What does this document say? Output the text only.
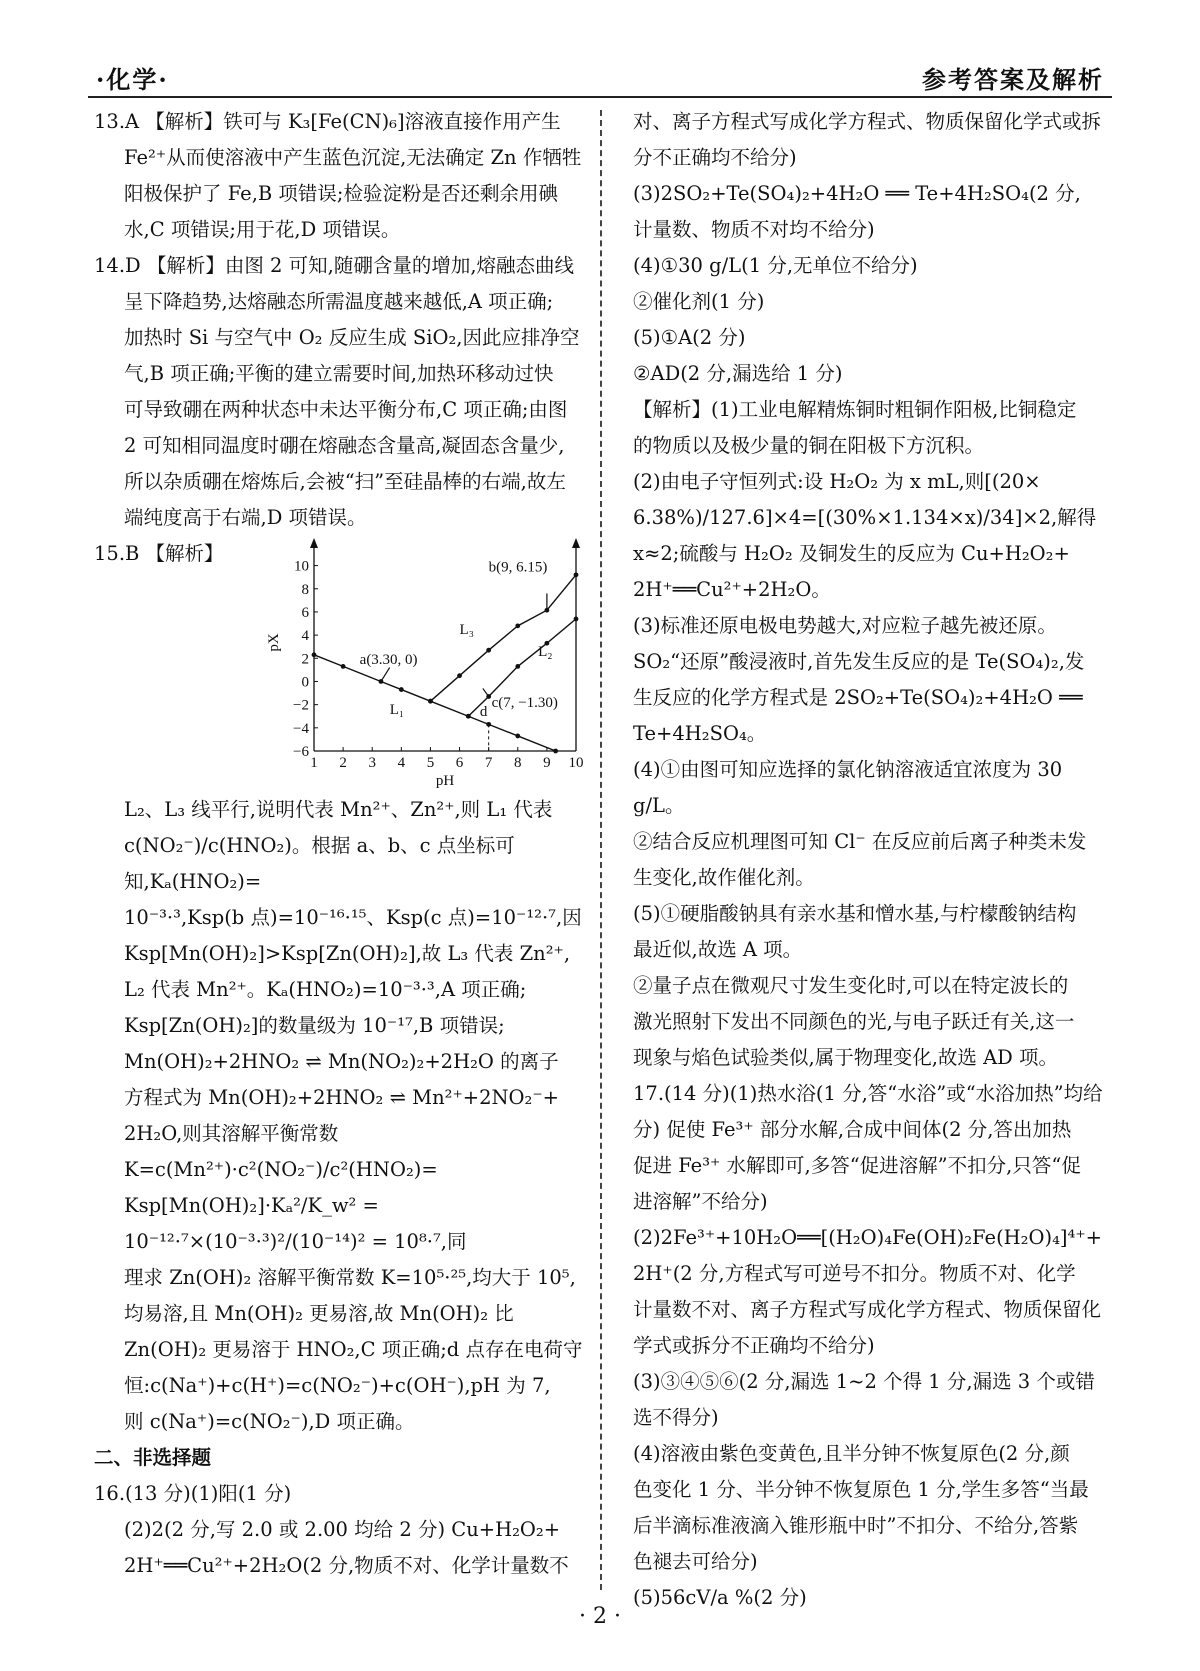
·化学·	参考答案及解析

13.A 【解析】铁可与 K₃[Fe(CN)₆]溶液直接作用产生

Fe²⁺从而使溶液中产生蓝色沉淀,无法确定 Zn 作牺牲

阳极保护了 Fe,B 项错误;检验淀粉是否还剩余用碘

水,C 项错误;用于花,D 项错误。

14.D 【解析】由图 2 可知,随硼含量的增加,熔融态曲线

呈下降趋势,达熔融态所需温度越来越低,A 项正确;

加热时 Si 与空气中 O₂ 反应生成 SiO₂,因此应排净空

气,B 项正确;平衡的建立需要时间,加热环移动过快

可导致硼在两种状态中未达平衡分布,C 项正确;由图

2 可知相同温度时硼在熔融态含量高,凝固态含量少,

所以杂质硼在熔炼后,会被“扫”至硅晶棒的右端,故左

端纯度高于右端,D 项错误。

15.B 【解析】
1 2 3 4 5 6 7 8 9 10
−6
−4
−2
0
2
4
6
8
10
pH
pX
a(3.30, 0)
b(9, 6.15)
c(7, −1.30)
d
L₁
L₂
L₃

L₂、L₃ 线平行,说明代表 Mn²⁺、Zn²⁺,则 L₁ 代表

c(NO₂⁻)/c(HNO₂)。根据 a、b、c 点坐标可知,Kₐ(HNO₂)=

10⁻³·³,Ksp(b 点)=10⁻¹⁶·¹⁵、Ksp(c 点)=10⁻¹²·⁷,因

Ksp[Mn(OH)₂]>Ksp[Zn(OH)₂],故 L₃ 代表 Zn²⁺,

L₂ 代表 Mn²⁺。Kₐ(HNO₂)=10⁻³·³,A 项正确;

Ksp[Zn(OH)₂]的数量级为 10⁻¹⁷,B 项错误;

Mn(OH)₂+2HNO₂ ⇌ Mn(NO₂)₂+2H₂O 的离子

方程式为 Mn(OH)₂+2HNO₂ ⇌ Mn²⁺+2NO₂⁻+

2H₂O,则其溶解平衡常数K=c(Mn²⁺)·c²(NO₂⁻)/c²(HNO₂)=

Ksp[Mn(OH)₂]·Kₐ²/K_w² = 10⁻¹²·⁷×(10⁻³·³)²/(10⁻¹⁴)² = 10⁸·⁷,同

理求 Zn(OH)₂ 溶解平衡常数 K=10⁵·²⁵,均大于 10⁵,

均易溶,且 Mn(OH)₂ 更易溶,故 Mn(OH)₂ 比

Zn(OH)₂ 更易溶于 HNO₂,C 项正确;d 点存在电荷守

恒:c(Na⁺)+c(H⁺)=c(NO₂⁻)+c(OH⁻),pH 为 7,

则 c(Na⁺)=c(NO₂⁻),D 项正确。

二、非选择题

16.(13 分)(1)阳(1 分)

(2)2(2 分,写 2.0 或 2.00 均给 2 分) Cu+H₂O₂+

2H⁺══Cu²⁺+2H₂O(2 分,物质不对、化学计量数不

对、离子方程式写成化学方程式、物质保留化学式或拆

分不正确均不给分)

(3)2SO₂+Te(SO₄)₂+4H₂O ══ Te+4H₂SO₄(2 分,

计量数、物质不对均不给分)

(4)①30 g/L(1 分,无单位不给分)

②催化剂(1 分)

(5)①A(2 分)

②AD(2 分,漏选给 1 分)

【解析】(1)工业电解精炼铜时粗铜作阳极,比铜稳定

的物质以及极少量的铜在阳极下方沉积。

(2)由电子守恒列式:设 H₂O₂ 为 x mL,则[(20×

6.38%)/127.6]×4=[(30%×1.134×x)/34]×2,解得

x≈2;硫酸与 H₂O₂ 及铜发生的反应为 Cu+H₂O₂+

2H⁺══Cu²⁺+2H₂O。

(3)标准还原电极电势越大,对应粒子越先被还原。

SO₂“还原”酸浸液时,首先发生反应的是 Te(SO₄)₂,发

生反应的化学方程式是 2SO₂+Te(SO₄)₂+4H₂O ══

Te+4H₂SO₄。

(4)①由图可知应选择的氯化钠溶液适宜浓度为 30 g/L。

②结合反应机理图可知 Cl⁻ 在反应前后离子种类未发

生变化,故作催化剂。

(5)①硬脂酸钠具有亲水基和憎水基,与柠檬酸钠结构

最近似,故选 A 项。

②量子点在微观尺寸发生变化时,可以在特定波长的

激光照射下发出不同颜色的光,与电子跃迁有关,这一

现象与焰色试验类似,属于物理变化,故选 AD 项。

17.(14 分)(1)热水浴(1 分,答“水浴”或“水浴加热”均给

分) 促使 Fe³⁺ 部分水解,合成中间体(2 分,答出加热

促进 Fe³⁺ 水解即可,多答“促进溶解”不扣分,只答“促

进溶解”不给分)

(2)2Fe³⁺+10H₂O══[(H₂O)₄Fe(OH)₂Fe(H₂O)₄]⁴⁺+

2H⁺(2 分,方程式写可逆号不扣分。物质不对、化学

计量数不对、离子方程式写成化学方程式、物质保留化

学式或拆分不正确均不给分)

(3)③④⑤⑥(2 分,漏选 1~2 个得 1 分,漏选 3 个或错

选不得分)

(4)溶液由紫色变黄色,且半分钟不恢复原色(2 分,颜

色变化 1 分、半分钟不恢复原色 1 分,学生多答“当最

后半滴标准液滴入锥形瓶中时”不扣分、不给分,答紫

色褪去可给分)

(5)56cV/a %(2 分)

· 2 ·
